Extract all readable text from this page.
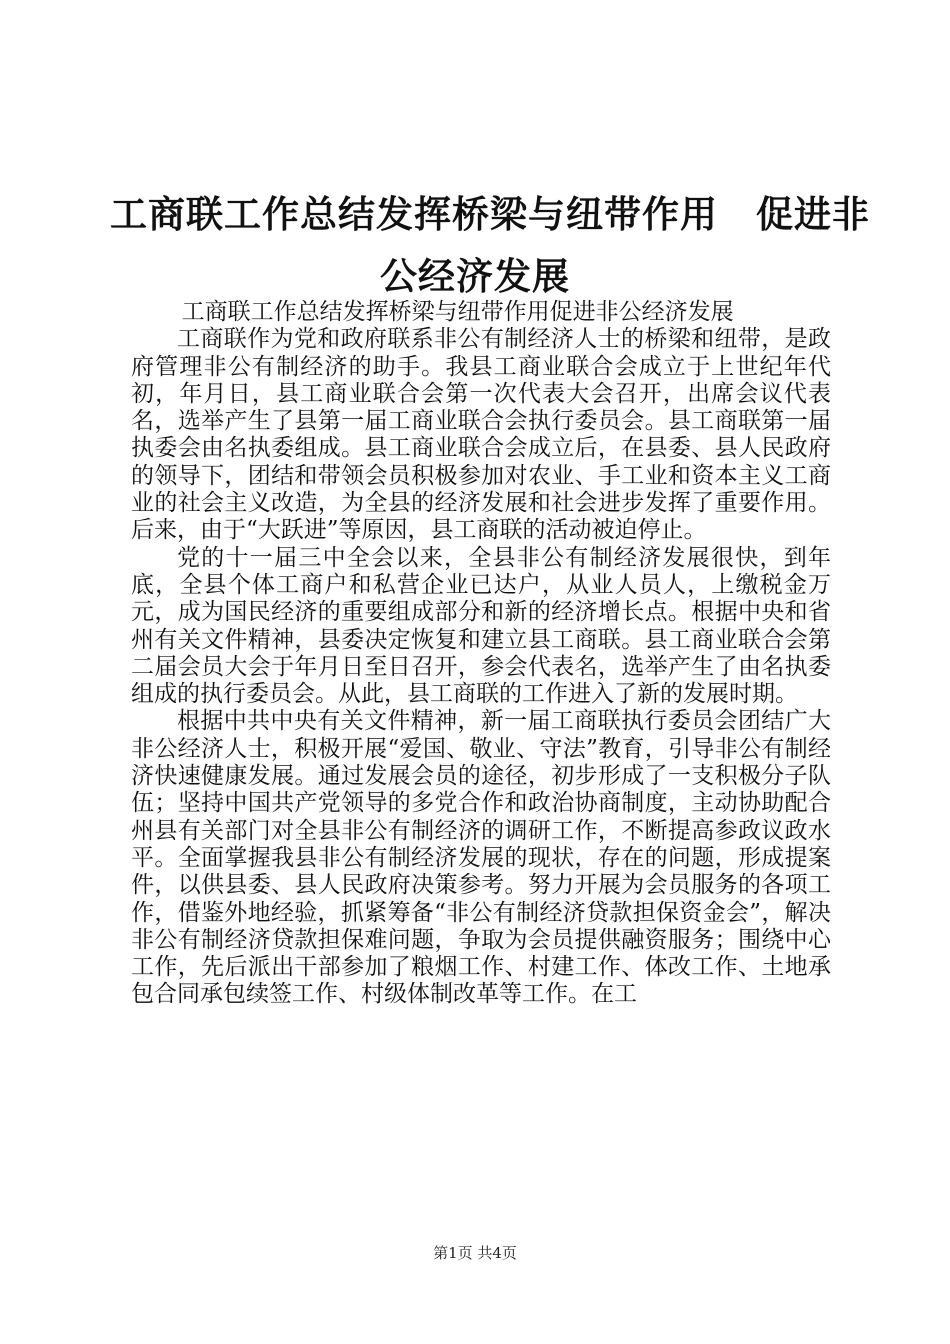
工商联工作总结发挥桥梁与纽带作用　促进非
公经济发展

工商联工作总结发挥桥梁与纽带作用促进非公经济发展

工商联作为党和政府联系非公有制经济人士的桥梁和纽带，是政府管理非公有制经济的助手。我县工商业联合会成立于上世纪年代初，年月日，县工商业联合会第一次代表大会召开，出席会议代表名，选举产生了县第一届工商业联合会执行委员会。县工商联第一届执委会由名执委组成。县工商业联合会成立后，在县委、县人民政府的领导下，团结和带领会员积极参加对农业、手工业和资本主义工商业的社会主义改造，为全县的经济发展和社会进步发挥了重要作用。后来，由于“大跃进”等原因，县工商联的活动被迫停止。

党的十一届三中全会以来，全县非公有制经济发展很快，到年底，全县个体工商户和私营企业已达户，从业人员人，上缴税金万元，成为国民经济的重要组成部分和新的经济增长点。根据中央和省州有关文件精神，县委决定恢复和建立县工商联。县工商业联合会第二届会员大会于年月日至日召开，参会代表名，选举产生了由名执委组成的执行委员会。从此，县工商联的工作进入了新的发展时期。

根据中共中央有关文件精神，新一届工商联执行委员会团结广大非公经济人士，积极开展“爱国、敬业、守法”教育，引导非公有制经济快速健康发展。通过发展会员的途径，初步形成了一支积极分子队伍；坚持中国共产党领导的多党合作和政治协商制度，主动协助配合州县有关部门对全县非公有制经济的调研工作，不断提高参政议政水平。全面掌握我县非公有制经济发展的现状，存在的问题，形成提案件，以供县委、县人民政府决策参考。努力开展为会员服务的各项工作，借鉴外地经验，抓紧筹备“非公有制经济贷款担保资金会”，解决非公有制经济贷款担保难问题，争取为会员提供融资服务；围绕中心工作，先后派出干部参加了粮烟工作、村建工作、体改工作、土地承包合同承包续签工作、村级体制改革等工作。在工

第1页 共4页
